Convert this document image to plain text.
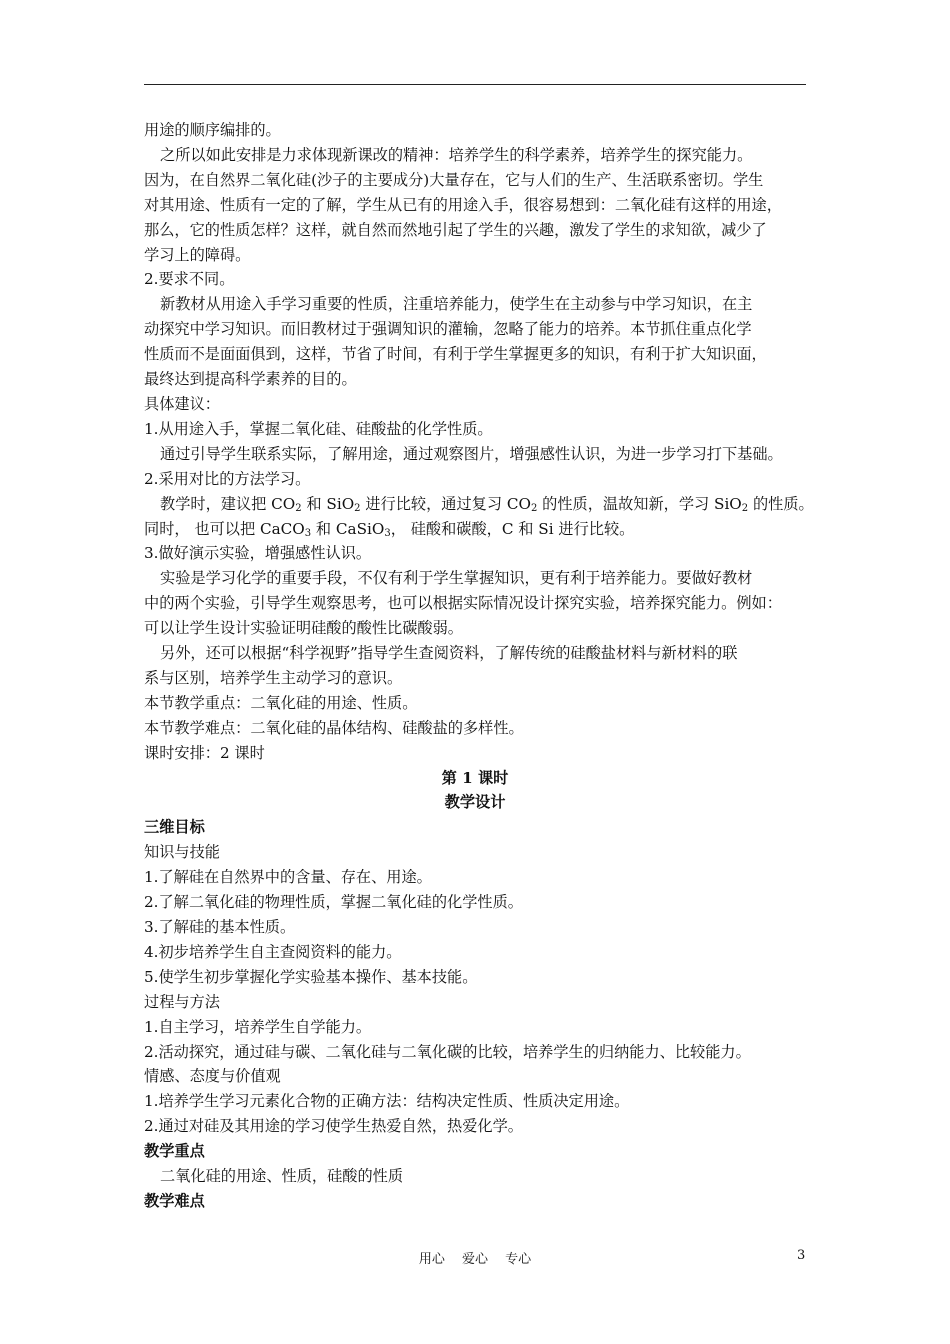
用途的顺序编排的。

之所以如此安排是力求体现新课改的精神：培养学生的科学素养，培养学生的探究能力。

因为，在自然界二氧化硅(沙子的主要成分)大量存在，它与人们的生产、生活联系密切。学生

对其用途、性质有一定的了解，学生从已有的用途入手，很容易想到：二氧化硅有这样的用途，

那么，它的性质怎样？这样，就自然而然地引起了学生的兴趣，激发了学生的求知欲，减少了

学习上的障碍。

2.要求不同。

新教材从用途入手学习重要的性质，注重培养能力，使学生在主动参与中学习知识，在主

动探究中学习知识。而旧教材过于强调知识的灌输，忽略了能力的培养。本节抓住重点化学

性质而不是面面俱到，这样，节省了时间，有利于学生掌握更多的知识，有利于扩大知识面，

最终达到提高科学素养的目的。

具体建议：

1.从用途入手，掌握二氧化硅、硅酸盐的化学性质。

通过引导学生联系实际，了解用途，通过观察图片，增强感性认识，为进一步学习打下基础。

2.采用对比的方法学习。

教学时，建议把 $CO_2$ 和 SiO$_2$ 进行比较，通过复习 $CO_2$ 的性质，温故知新，学习 SiO$_2$ 的性质。

同时， 也可以把 CaCO$_3$ 和 CaSiO$_3$， 硅酸和碳酸，C 和 Si 进行比较。

3.做好演示实验，增强感性认识。

实验是学习化学的重要手段，不仅有利于学生掌握知识，更有利于培养能力。要做好教材

中的两个实验，引导学生观察思考，也可以根据实际情况设计探究实验，培养探究能力。例如：

可以让学生设计实验证明硅酸的酸性比碳酸弱。

另外，还可以根据“科学视野”指导学生查阅资料，了解传统的硅酸盐材料与新材料的联

系与区别，培养学生主动学习的意识。

本节教学重点：二氧化硅的用途、性质。

本节教学难点：二氧化硅的晶体结构、硅酸盐的多样性。

课时安排：2 课时

第 1 课时

教学设计

三维目标

知识与技能

1.了解硅在自然界中的含量、存在、用途。

2.了解二氧化硅的物理性质，掌握二氧化硅的化学性质。

3.了解硅的基本性质。

4.初步培养学生自主查阅资料的能力。

5.使学生初步掌握化学实验基本操作、基本技能。

过程与方法

1.自主学习，培养学生自学能力。

2.活动探究，通过硅与碳、二氧化硅与二氧化碳的比较，培养学生的归纳能力、比较能力。

情感、态度与价值观

1.培养学生学习元素化合物的正确方法：结构决定性质、性质决定用途。

2.通过对硅及其用途的学习使学生热爱自然，热爱化学。

教学重点

二氧化硅的用途、性质，硅酸的性质

教学难点

用心　 爱心　 专心	3
